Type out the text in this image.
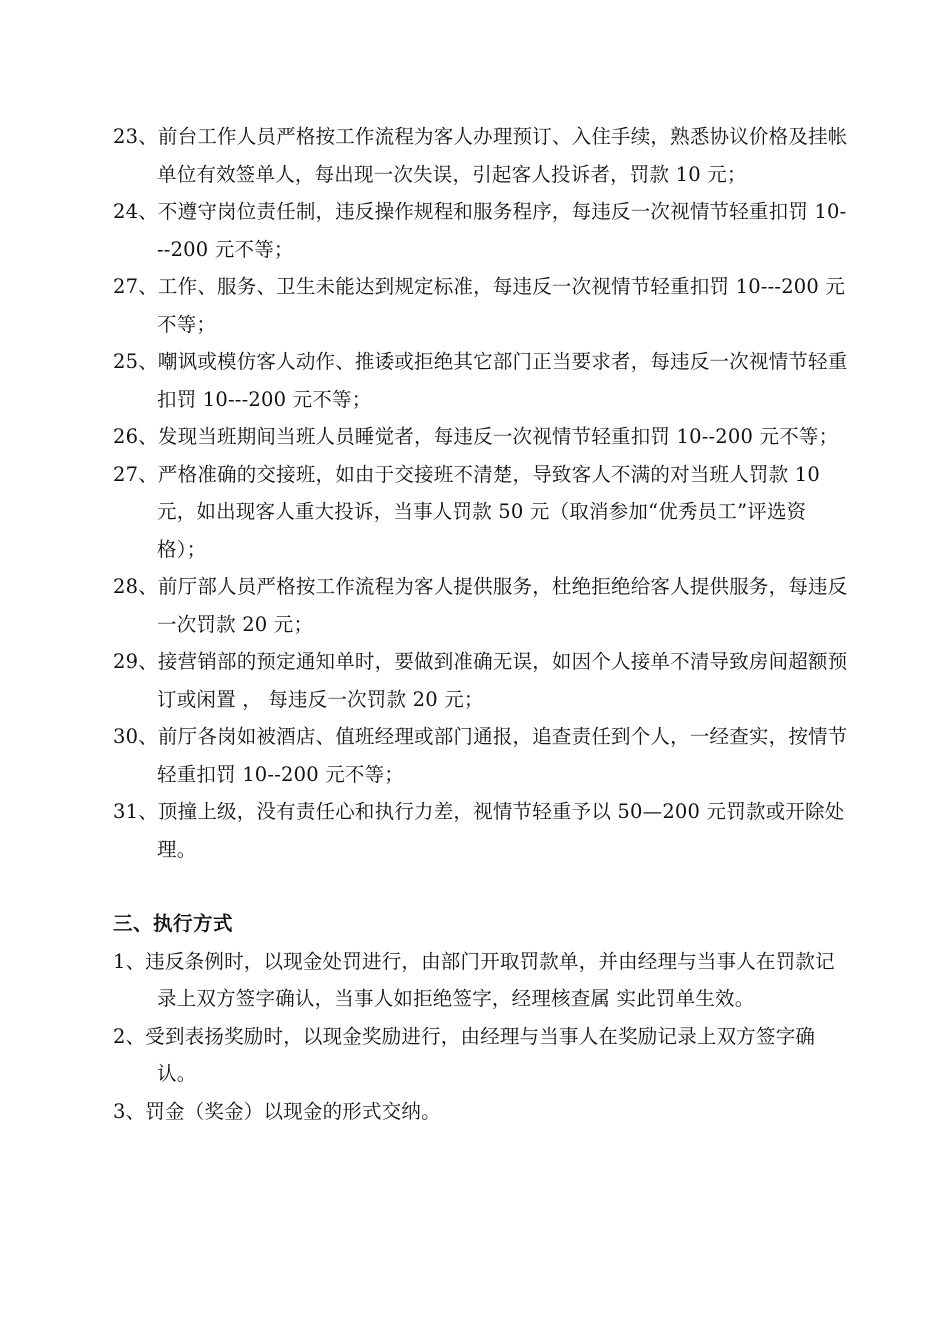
23、前台工作人员严格按工作流程为客人办理预订、入住手续，熟悉协议价格及挂帐单位有效签单人，每出现一次失误，引起客人投诉者，罚款 10 元；

24、不遵守岗位责任制，违反操作规程和服务程序，每违反一次视情节轻重扣罚 10---200 元不等；

27、工作、服务、卫生未能达到规定标准，每违反一次视情节轻重扣罚 10---200 元不等；

25、嘲讽或模仿客人动作、推诿或拒绝其它部门正当要求者，每违反一次视情节轻重扣罚 10---200 元不等；

26、发现当班期间当班人员睡觉者，每违反一次视情节轻重扣罚 10--200 元不等；

27、严格准确的交接班，如由于交接班不清楚，导致客人不满的对当班人罚款 10 元，如出现客人重大投诉，当事人罚款 50 元（取消参加“优秀员工”评选资格）；

28、前厅部人员严格按工作流程为客人提供服务，杜绝拒绝给客人提供服务，每违反一次罚款 20 元；

29、接营销部的预定通知单时，要做到准确无误，如因个人接单不清导致房间超额预订或闲置 ， 每违反一次罚款 20 元；

30、前厅各岗如被酒店、值班经理或部门通报，追查责任到个人，一经查实，按情节轻重扣罚 10--200 元不等；

31、顶撞上级，没有责任心和执行力差，视情节轻重予以 50—200 元罚款或开除处理。

三、执行方式

1、违反条例时，以现金处罚进行，由部门开取罚款单，并由经理与当事人在罚款记录上双方签字确认，当事人如拒绝签字，经理核查属 实此罚单生效。

2、受到表扬奖励时，以现金奖励进行，由经理与当事人在奖励记录上双方签字确认。

3、罚金（奖金）以现金的形式交纳。
